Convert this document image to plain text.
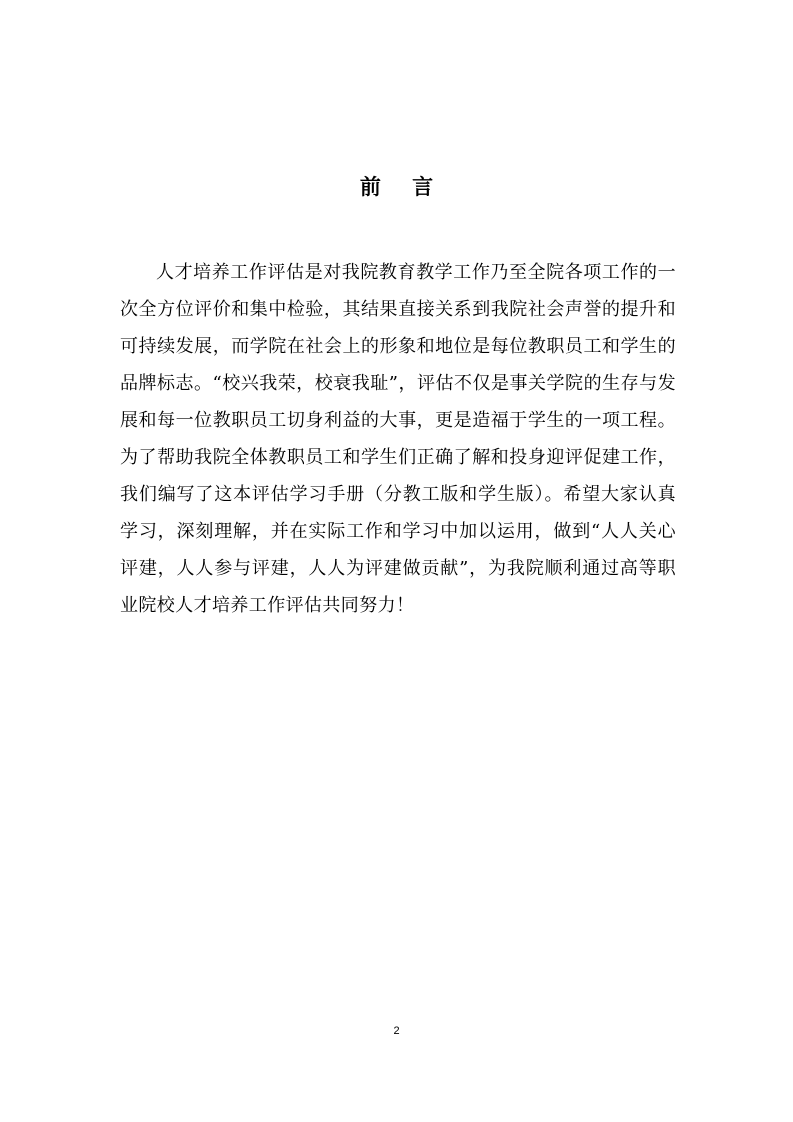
前 言

人才培养工作评估是对我院教育教学工作乃至全院各项工作的一次全方位评价和集中检验，其结果直接关系到我院社会声誉的提升和可持续发展，而学院在社会上的形象和地位是每位教职员工和学生的品牌标志。“校兴我荣，校衰我耻”，评估不仅是事关学院的生存与发展和每一位教职员工切身利益的大事，更是造福于学生的一项工程。为了帮助我院全体教职员工和学生们正确了解和投身迎评促建工作，我们编写了这本评估学习手册（分教工版和学生版）。希望大家认真学习，深刻理解，并在实际工作和学习中加以运用，做到“人人关心评建，人人参与评建，人人为评建做贡献”，为我院顺利通过高等职业院校人才培养工作评估共同努力！

2
